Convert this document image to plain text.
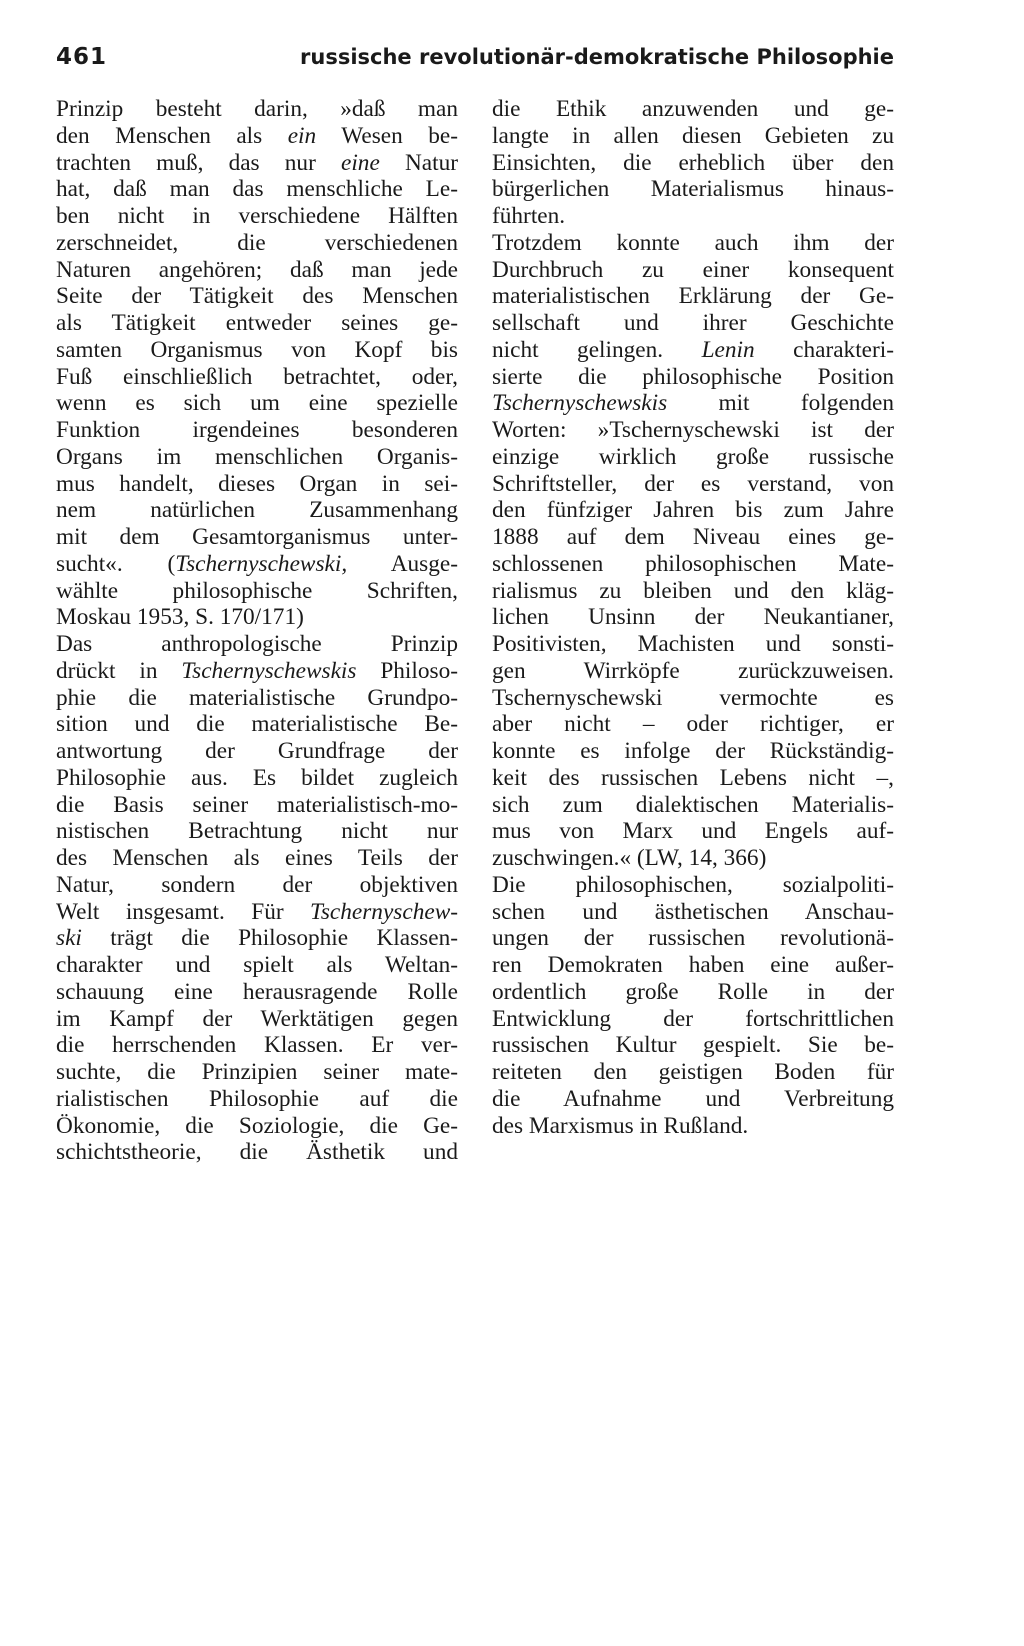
461	russische revolutionär-demokratische Philosophie
Prinzip besteht darin, »daß man
den Menschen als ein Wesen be-
trachten muß, das nur eine Natur
hat, daß man das menschliche Le-
ben nicht in verschiedene Hälften
zerschneidet, die verschiedenen
Naturen angehören; daß man jede
Seite der Tätigkeit des Menschen
als Tätigkeit entweder seines ge-
samten Organismus von Kopf bis
Fuß einschließlich betrachtet, oder,
wenn es sich um eine spezielle
Funktion irgendeines besonderen
Organs im menschlichen Organis-
mus handelt, dieses Organ in sei-
nem natürlichen Zusammenhang
mit dem Gesamtorganismus unter-
sucht«. (Tschernyschewski, Ausge-
wählte philosophische Schriften,
Moskau 1953, S. 170/171)
Das anthropologische Prinzip
drückt in Tschernyschewskis Philoso-
phie die materialistische Grundpo-
sition und die materialistische Be-
antwortung der Grundfrage der
Philosophie aus. Es bildet zugleich
die Basis seiner materialistisch-mo-
nistischen Betrachtung nicht nur
des Menschen als eines Teils der
Natur, sondern der objektiven
Welt insgesamt. Für Tschernyschew-
ski trägt die Philosophie Klassen-
charakter und spielt als Weltan-
schauung eine herausragende Rolle
im Kampf der Werktätigen gegen
die herrschenden Klassen. Er ver-
suchte, die Prinzipien seiner mate-
rialistischen Philosophie auf die
Ökonomie, die Soziologie, die Ge-
schichtstheorie, die Ästhetik und
die Ethik anzuwenden und ge-
langte in allen diesen Gebieten zu
Einsichten, die erheblich über den
bürgerlichen Materialismus hinaus-
führten.
Trotzdem konnte auch ihm der
Durchbruch zu einer konsequent
materialistischen Erklärung der Ge-
sellschaft und ihrer Geschichte
nicht gelingen. Lenin charakteri-
sierte die philosophische Position
Tschernyschewskis mit folgenden
Worten: »Tschernyschewski ist der
einzige wirklich große russische
Schriftsteller, der es verstand, von
den fünfziger Jahren bis zum Jahre
1888 auf dem Niveau eines ge-
schlossenen philosophischen Mate-
rialismus zu bleiben und den kläg-
lichen Unsinn der Neukantianer,
Positivisten, Machisten und sonsti-
gen Wirrköpfe zurückzuweisen.
Tschernyschewski vermochte es
aber nicht – oder richtiger, er
konnte es infolge der Rückständig-
keit des russischen Lebens nicht –,
sich zum dialektischen Materialis-
mus von Marx und Engels auf-
zuschwingen.« (LW, 14, 366)
Die philosophischen, sozialpoliti-
schen und ästhetischen Anschau-
ungen der russischen revolutionä-
ren Demokraten haben eine außer-
ordentlich große Rolle in der
Entwicklung der fortschrittlichen
russischen Kultur gespielt. Sie be-
reiteten den geistigen Boden für
die Aufnahme und Verbreitung
des Marxismus in Rußland.
